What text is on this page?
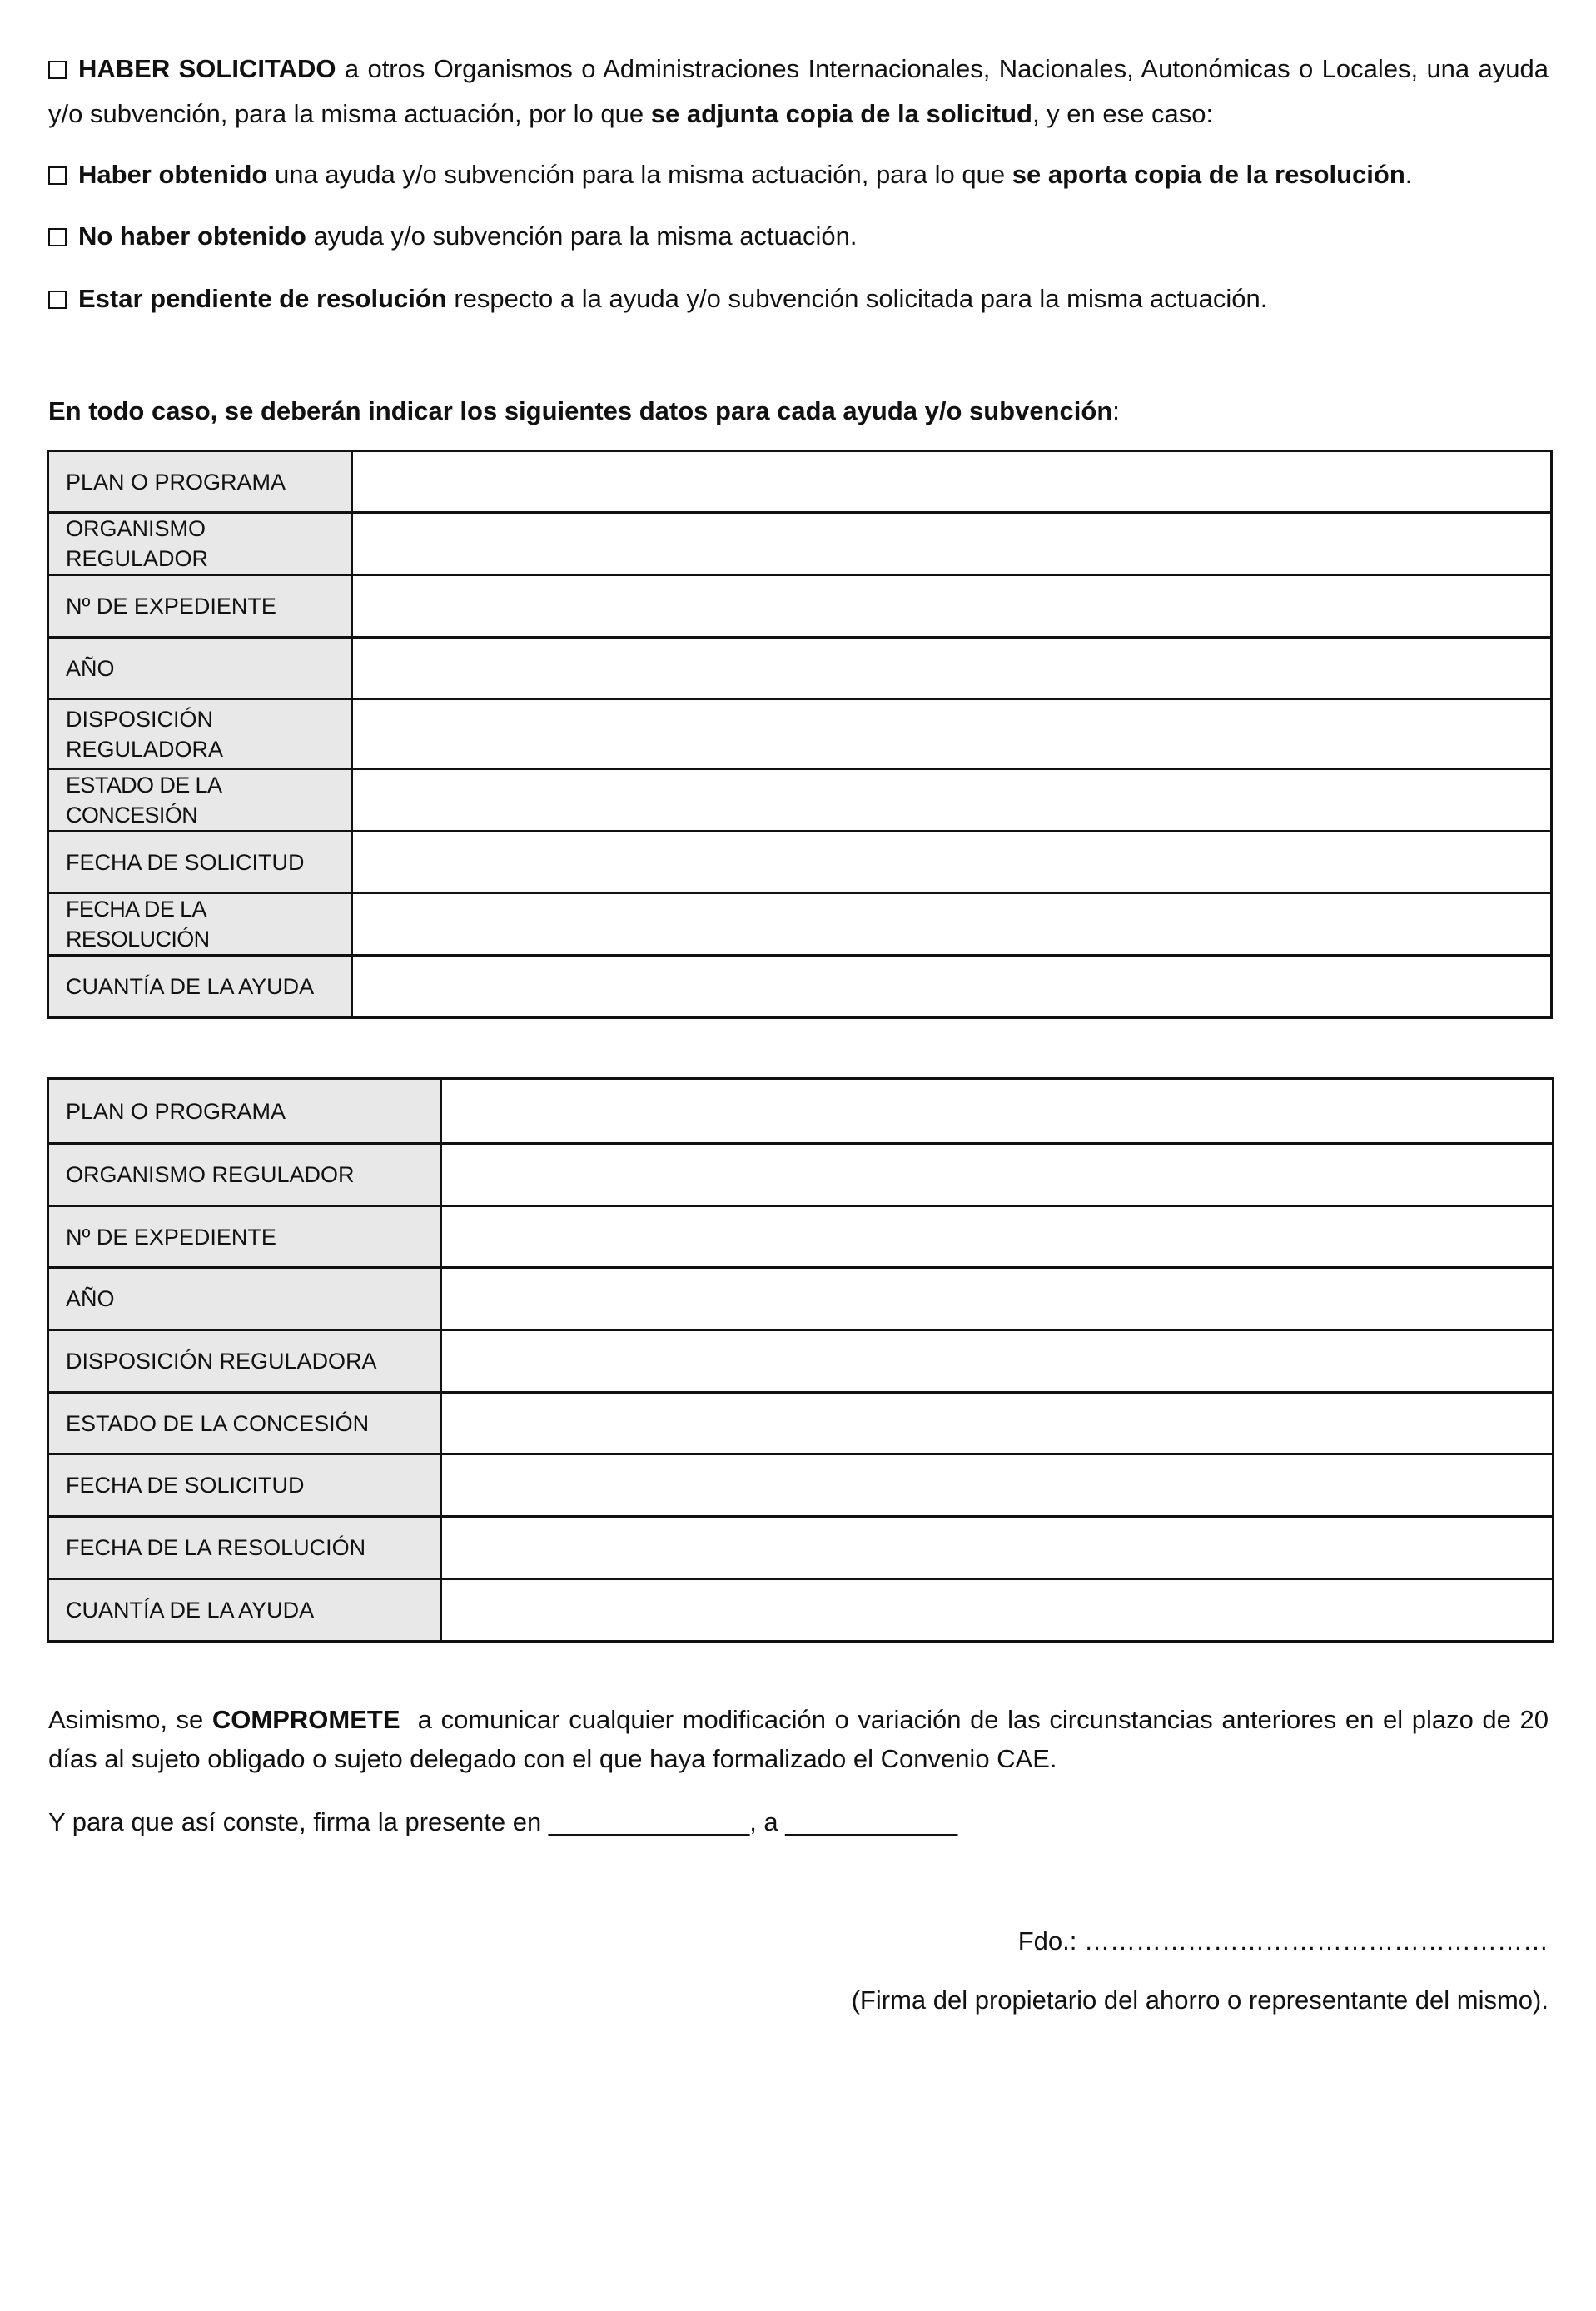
HABER SOLICITADO a otros Organismos o Administraciones Internacionales, Nacionales, Autonómicas o Locales, una ayuda y/o subvención, para la misma actuación, por lo que se adjunta copia de la solicitud, y en ese caso:
Haber obtenido una ayuda y/o subvención para la misma actuación, para lo que se aporta copia de la resolución.
No haber obtenido ayuda y/o subvención para la misma actuación.
Estar pendiente de resolución respecto a la ayuda y/o subvención solicitada para la misma actuación.
En todo caso, se deberán indicar los siguientes datos para cada ayuda y/o subvención:
PLAN O PROGRAMA	
ORGANISMO REGULADOR	
Nº DE EXPEDIENTE	
AÑO	
DISPOSICIÓN REGULADORA	
ESTADO DE LA CONCESIÓN	
FECHA DE SOLICITUD	
FECHA DE LA RESOLUCIÓN	
CUANTÍA DE LA AYUDA	
PLAN O PROGRAMA	
ORGANISMO REGULADOR	
Nº DE EXPEDIENTE	
AÑO	
DISPOSICIÓN REGULADORA	
ESTADO DE LA CONCESIÓN	
FECHA DE SOLICITUD	
FECHA DE LA RESOLUCIÓN	
CUANTÍA DE LA AYUDA	
Asimismo, se COMPROMETE  a comunicar cualquier modificación o variación de las circunstancias anteriores en el plazo de 20 días al sujeto obligado o sujeto delegado con el que haya formalizado el Convenio CAE.
Y para que así conste, firma la presente en ______________, a ____________
Fdo.: ………………………………………………
(Firma del propietario del ahorro o representante del mismo).
